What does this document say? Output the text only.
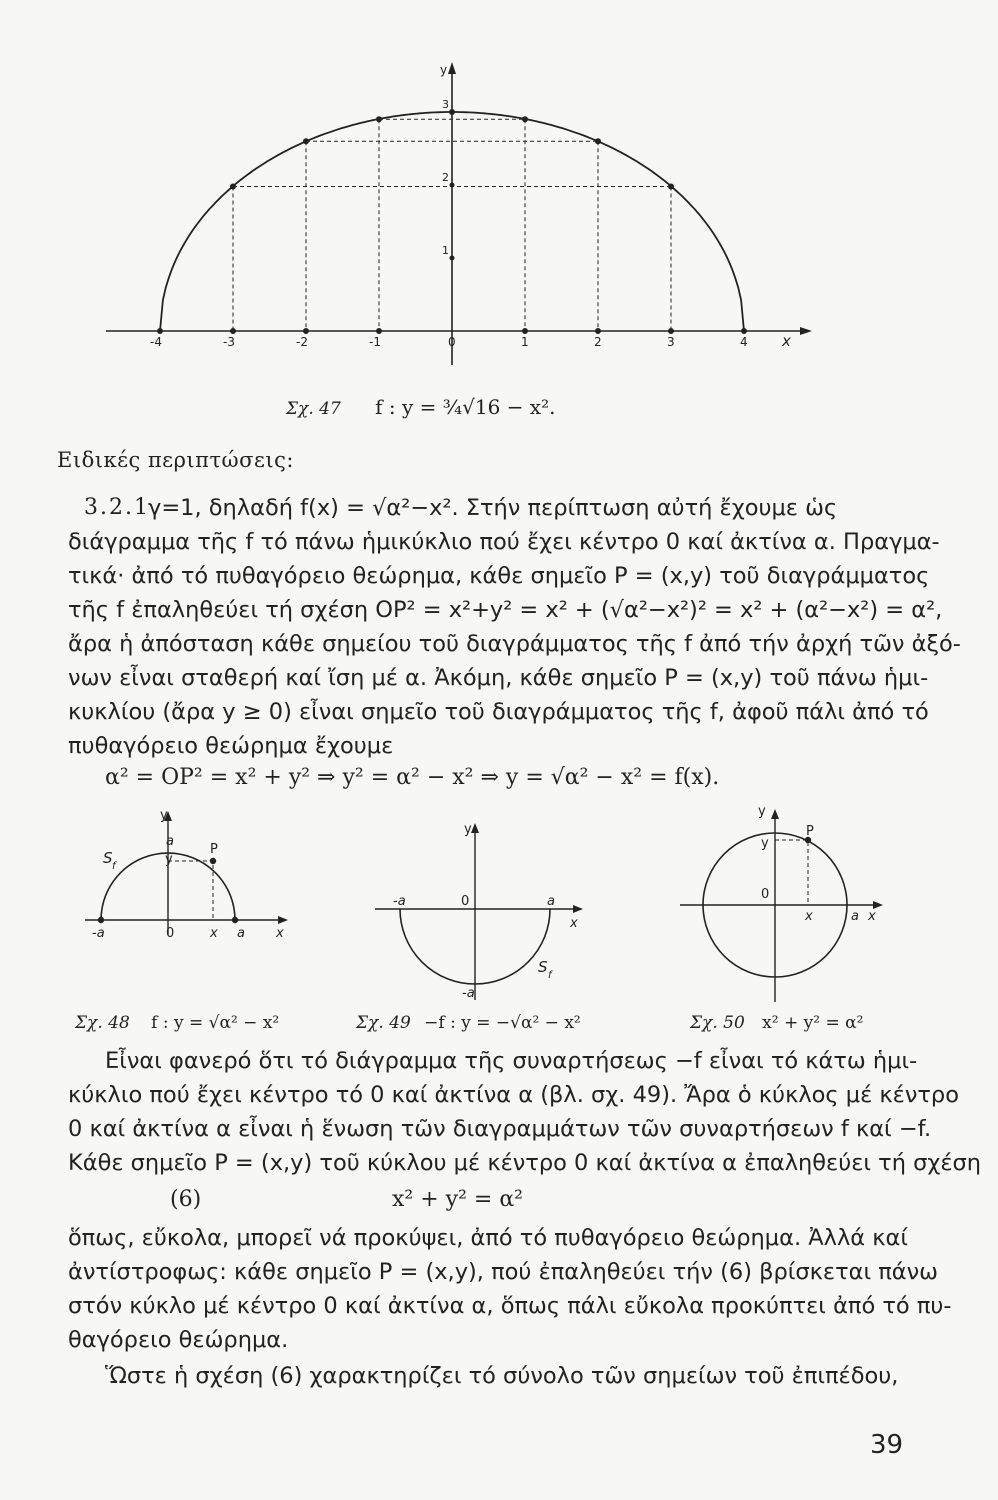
y
x
-4	-3	-2	-1	0	1	2	3	4
1
2
3
Σχ. 47 f : y = ¾√16 − x².
Ειδικές περιπτώσεις:
3.2.1
γ=1, δηλαδή f(x) = √α²−x². Στήν περίπτωση αὐτή ἔχουμε ὡς
διάγραμμα τῆς f τό πάνω ἡμικύκλιο πού ἔχει κέντρο 0 καί ἀκτίνα α. Πραγμα-
τικά· ἀπό τό πυθαγόρειο θεώρημα, κάθε σημεῖο P = (x,y) τοῦ διαγράμματος
τῆς f ἐπαληθεύει τή σχέση OP² = x²+y² = x² + (√α²−x²)² = x² + (α²−x²) = α²,
ἄρα ἡ ἀπόσταση κάθε σημείου τοῦ διαγράμματος τῆς f ἀπό τήν ἀρχή τῶν ἀξό-
νων εἶναι σταθερή καί ἴση μέ α. Ἀκόμη, κάθε σημεῖο P = (x,y) τοῦ πάνω ἡμι-
κυκλίου (ἄρα y ≥ 0) εἶναι σημεῖο τοῦ διαγράμματος τῆς f, ἀφοῦ πάλι ἀπό τό
πυθαγόρειο θεώρημα ἔχουμε
α² = OP² = x² + y² ⇒ y² = α² − x² ⇒ y = √α² − x² = f(x).
y
a
S f	y
P
-a	0	x a x
y
-a	0	a
x
S f
-a
y
P
y
0
x	a x
Σχ. 48 f : y = √α² − x²	Σχ. 49 −f : y = −√α² − x²	Σχ. 50 x² + y² = α²
Εἶναι φανερό ὅτι τό διάγραμμα τῆς συναρτήσεως −f εἶναι τό κάτω ἡμι-
κύκλιο πού ἔχει κέντρο τό 0 καί ἀκτίνα α (βλ. σχ. 49). Ἄρα ὁ κύκλος μέ κέντρο
0 καί ἀκτίνα α εἶναι ἡ ἕνωση τῶν διαγραμμάτων τῶν συναρτήσεων f καί −f.
Κάθε σημεῖο P = (x,y) τοῦ κύκλου μέ κέντρο 0 καί ἀκτίνα α ἐπαληθεύει τή σχέση
(6)	x² + y² = α²
ὅπως, εὔκολα, μπορεῖ νά προκύψει, ἀπό τό πυθαγόρειο θεώρημα. Ἀλλά καί
ἀντίστροφως: κάθε σημεῖο P = (x,y), πού ἐπαληθεύει τήν (6) βρίσκεται πάνω
στόν κύκλο μέ κέντρο 0 καί ἀκτίνα α, ὅπως πάλι εὔκολα προκύπτει ἀπό τό πυ-
θαγόρειο θεώρημα.
Ὥστε ἡ σχέση (6) χαρακτηρίζει τό σύνολο τῶν σημείων τοῦ ἐπιπέδου,
39
